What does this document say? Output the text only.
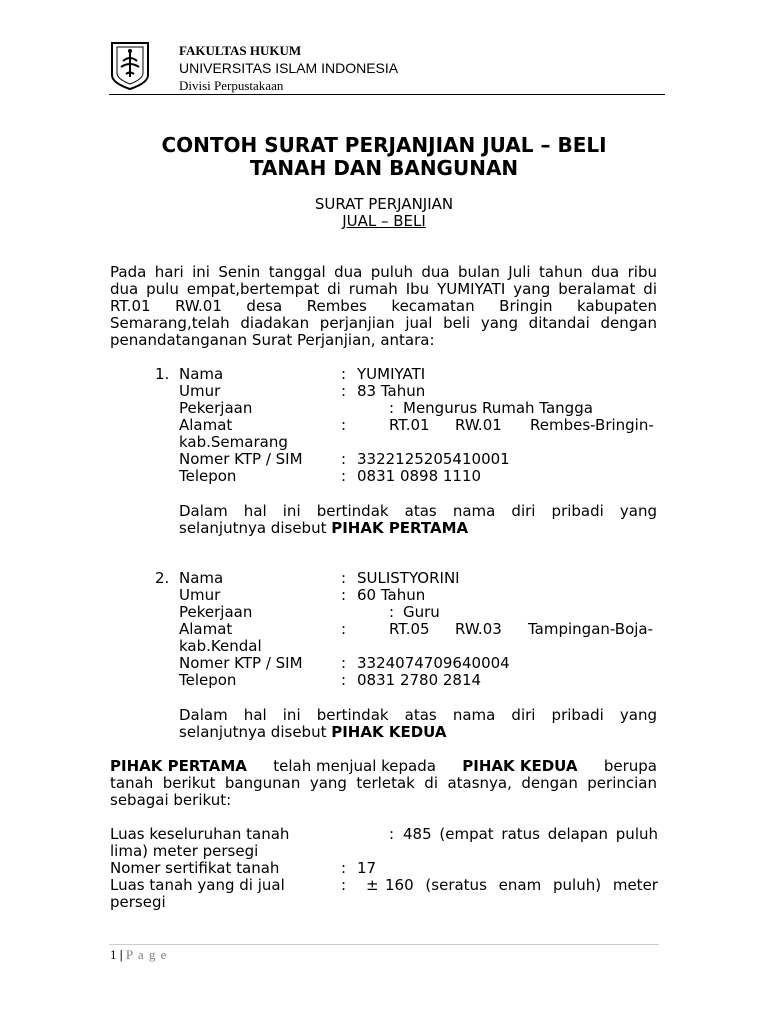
FAKULTAS HUKUM
UNIVERSITAS ISLAM INDONESIA
Divisi Perpustakaan
CONTOH SURAT PERJANJIAN JUAL – BELI
TANAH DAN BANGUNAN
SURAT PERJANJIAN
JUAL – BELI
Pada hari ini Senin tanggal dua puluh dua bulan Juli tahun dua ribu
dua pulu empat,bertempat di rumah Ibu YUMIYATI yang beralamat di
RT.01 RW.01 desa Rembes kecamatan Bringin kabupaten
Semarang,telah diadakan perjanjian jual beli yang ditandai dengan
penandatanganan Surat Perjanjian, antara:
1. Nama	: YUMIYATI
Umur	: 83 Tahun
Pekerjaan	: Mengurus Rumah Tangga
Alamat	:	RT.01 RW.01 Rembes-Bringin-
kab.Semarang
Nomer KTP / SIM	: 3322125205410001
Telepon	: 0831 0898 1110
Dalam hal ini bertindak atas nama diri pribadi yang
selanjutnya disebut PIHAK PERTAMA
2. Nama	: SULISTYORINI
Umur	: 60 Tahun
Pekerjaan	: Guru
Alamat	:	RT.05 RW.03 Tampingan-Boja-
kab.Kendal
Nomer KTP / SIM	: 3324074709640004
Telepon	: 0831 2780 2814
Dalam hal ini bertindak atas nama diri pribadi yang
selanjutnya disebut PIHAK KEDUA
PIHAK PERTAMA telah menjual kepada PIHAK KEDUA berupa
tanah berikut bangunan yang terletak di atasnya, dengan perincian
sebagai berikut:
Luas keseluruhan tanah	: 485 (empat ratus delapan puluh
lima) meter persegi
Nomer sertifikat tanah	: 17
Luas tanah yang di jual	: ± 160 (seratus enam puluh) meter
persegi
1 | P a g e
